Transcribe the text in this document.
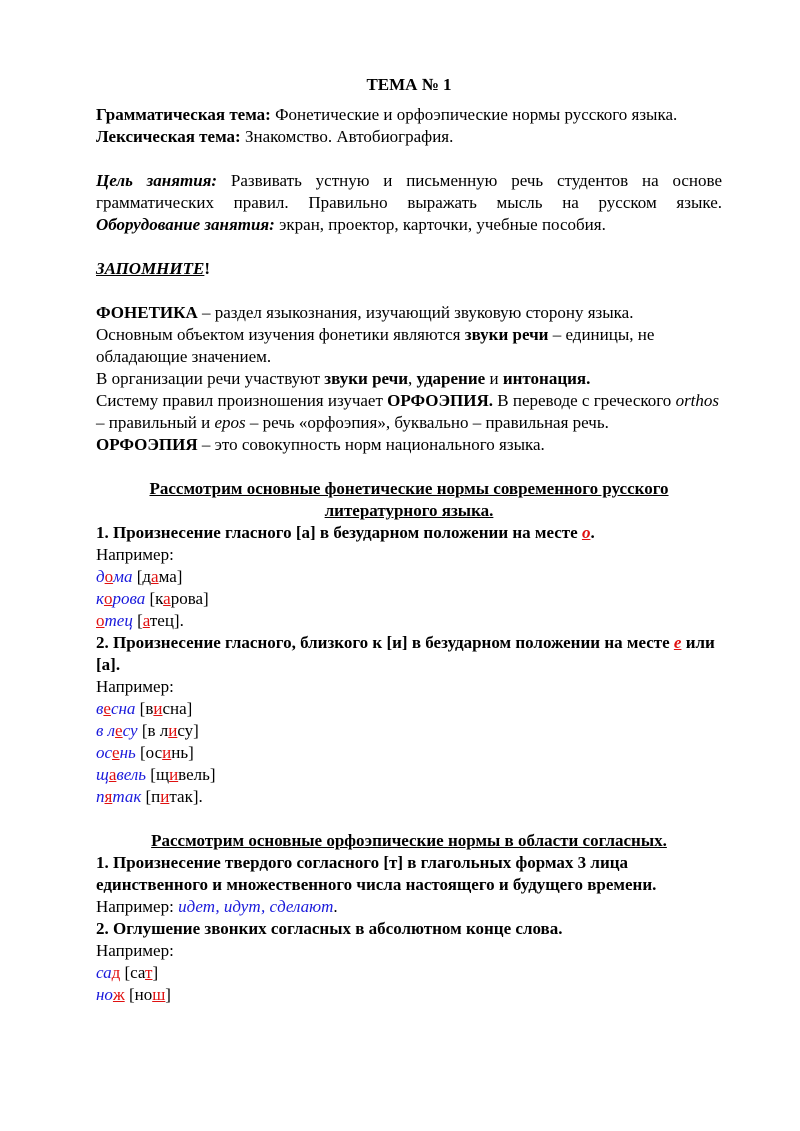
ТЕМА № 1

Грамматическая тема: Фонетические и орфоэпические нормы русского языка.

Лексическая тема: Знакомство. Автобиография.

Цель занятия: Развивать устную и письменную речь студентов на основе грамматических правил. Правильно выражать мысль на русском языке. Оборудование занятия: экран, проектор, карточки, учебные пособия.

ЗАПОМНИТЕ!

ФОНЕТИКА – раздел языкознания, изучающий звуковую сторону языка.

Основным объектом изучения фонетики являются звуки речи – единицы, не обладающие значением.

В организации речи участвуют звуки речи, ударение и интонация.

Систему правил произношения изучает ОРФОЭПИЯ. В переводе с греческого orthos – правильный и epos – речь «орфоэпия», буквально – правильная речь.

ОРФОЭПИЯ – это совокупность норм национального языка.

Рассмотрим основные фонетические нормы современного русского литературного языка.

1. Произнесение гласного [а] в безударном положении на месте о.

Например:

дома [дама]

корова [карова]

отец [атец].

2. Произнесение гласного, близкого к [и] в безударном положении на месте е или [а].

Например:

весна [висна]

в лесу [в лису]

осень [осинь]

щавель [щивель]

пятак [питак].

Рассмотрим основные орфоэпические нормы в области согласных.

1. Произнесение твердого согласного [т] в глагольных формах 3 лица единственного и множественного числа настоящего и будущего времени.

Например: идет, идут, сделают.

2. Оглушение звонких согласных в абсолютном конце слова.

Например:

сад [сат]

нож [нош]
